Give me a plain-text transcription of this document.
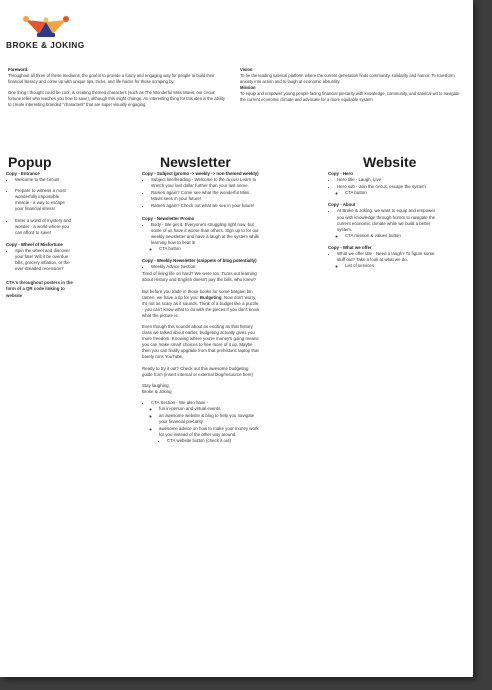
BROKE & JOKING
Foreword:

Throughout all three of these mediums, the goal is to provide a funny and engaging way for people to build their financial literacy and come up with unique tips, tricks, and life-hacks for those scraping by.

One thing I thought could be cool, is creating themed characters (such as The Wonderful Miss Mavis, our circus' fortune teller who teaches you how to save), although this might change. An interesting thing for this idea is the ability to create interesting branded "characters" that are super visually engaging.

Vision

To be the leading satirical platform where the current generation finds community, solidarity and humor. To transform anxiety into action and to laugh at economic absurdity.

Mission

To equip and empower young people facing financial precarity with knowledge, community, and satirical wit to navigate the current economic climate and advocate for a more equitable system

Popup
Copy - Entrance
• Welcome to the circus!
• Prepare to witness a most wonderfully impossible miracle - a way to escape your financial stress!
• Enter a world of mystery and wonder - a world where you can afford to save!
Copy - Wheel of Misfortune
• Spin the wheel and discover your fate! Will it be overdue bills, grocery inflation, or the ever-dreaded recession?
CTA's throughout posters in the form of a QR code linking to website
Newsletter
Copy - Subject (promo -> weekly -> non-themed weekly)
• Subject line/heading - Welcome to the circus! Learn to stretch your last dollar further than your last nerve.
• Ramen again? Come see what the wonderful Miss Mavis sees in your future!
• Ramen again? Check out what we see in your future!
Copy - Newsletter Promo
• Body - We get it. Everyone's struggling right now, but some of us have it worse than others. Sign up to for our weekly newsletter and have a laugh at the system while learning how to beat it!
◦ CTA button
Copy - Weekly Newsletter (snippets of blog potentially)
• Weekly Advice Section:

Tired of living life on hard? We were too. Turns out learning about History and English doesn't pay the bills, who knew?

But before you trade in those books for some bargain bin ramen, we have a tip for you: Budgeting. Now don't worry, it's not as scary as it sounds. Think of a budget like a puzzle - you can't know what to do with the pieces if you don't know what the picture is.

Even though this sounds about as exciting as that history class we talked about earlier, budgeting actually gives you more freedom. Knowing where you're money's going means you can make smart choices to free more of it up. Maybe then you can finally upgrade from that prehistoric laptop that barely runs YouTube.

Ready to try it out? Check out this awesome budgeting guide from (insert internal or external blog/resource here)

Stay laughing,

Broke & Joking

• CTA Section - We also have -
◦ fun in-person and virtual events
◦ an awesome website & blog to help you navigate your financial precarity
◦ awesome advice on how to make your money work for you instead of the other way around.
▪ CTA website button (check it out)
Website
Copy - Hero
• Hero title - Laugh, Live
• Hero sub - Join the circus, escape the system
◦ CTA button
Copy - About
• At Broke & Joking, we want to equip and empower you with knowledge through humor to navigate the current economic climate while we build a better system.
◦ CTA mission & values button
Copy - What we offer
• What we offer title - Need a laugh? To figure some stuff out? Take a look at what we do.
◦ List of services
